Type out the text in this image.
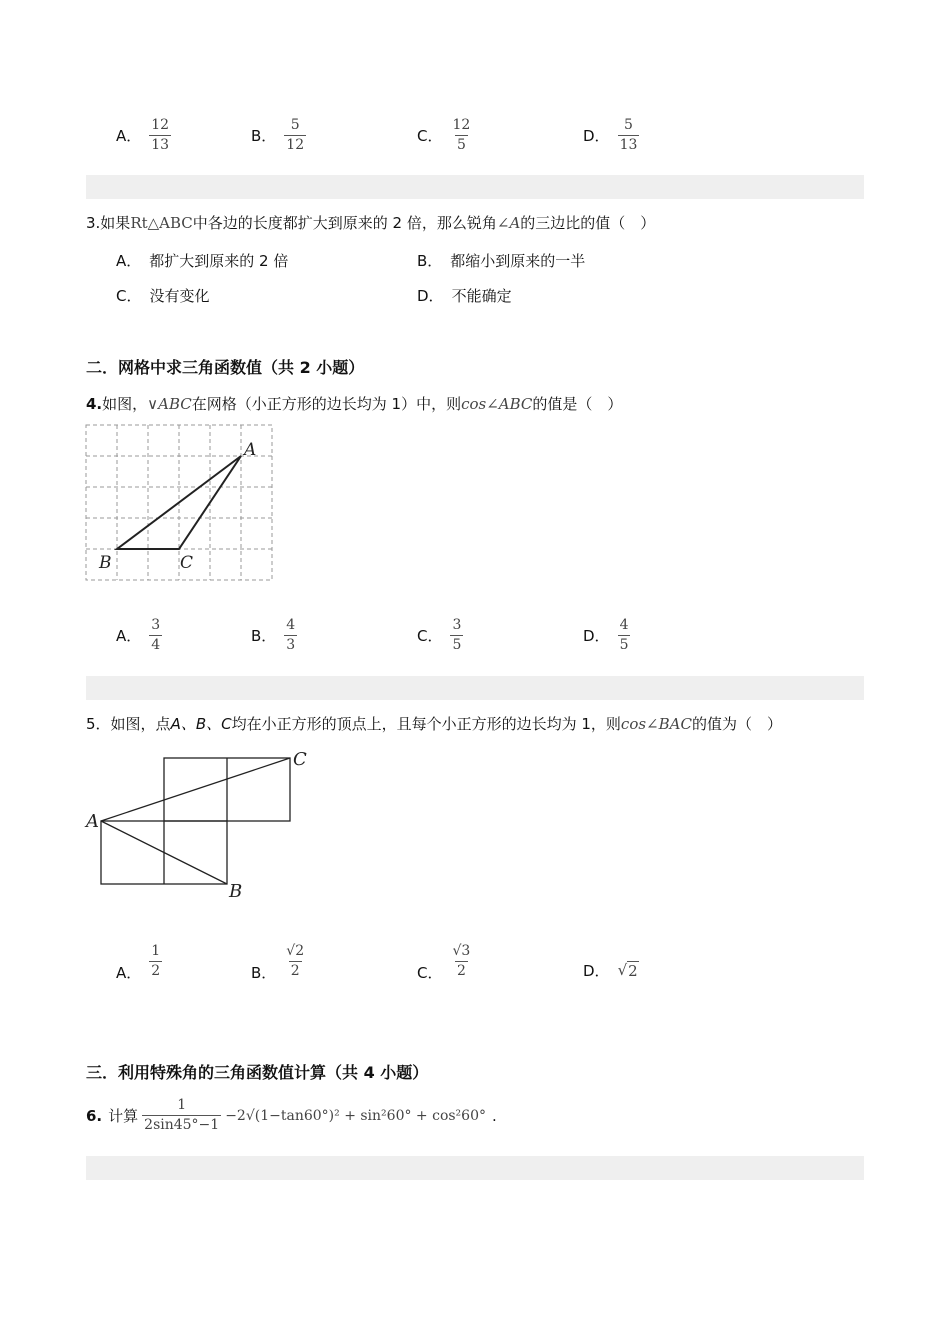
A． $\frac{12}{13}$	B． $\frac{5}{12}$	C． $\frac{12}{5}$	D． $\frac{5}{13}$
3.如果Rt△ABC中各边的长度都扩大到原来的 2 倍，那么锐角∠A的三边比的值（　）
A． 都扩大到原来的 2 倍	B． 都缩小到原来的一半
C． 没有变化	D． 不能确定
二．网格中求三角函数值（共 2 小题）
4.如图，∨ABC在网格（小正方形的边长均为 1）中，则cos∠ABC的值是（　）
A
B	C
A． $\frac{3}{4}$	B． $\frac{4}{3}$	C． $\frac{3}{5}$	D． $\frac{4}{5}$
5．如图，点A、B、C均在小正方形的顶点上，且每个小正方形的边长均为 1，则cos∠BAC的值为（　）
A
B
C
A． $\frac{1}{2}$	B． $\frac{√2}{2}$	C． $\frac{√3}{2}$	D． √ 2
三．利用特殊角的三角函数值计算（共 4 小题）
6. 计算 $\frac{1}{2\sin 45^\circ-1} -2√(1-\tan 60^\circ)^2 + \sin^260^\circ + \cos^260^\circ$ .
